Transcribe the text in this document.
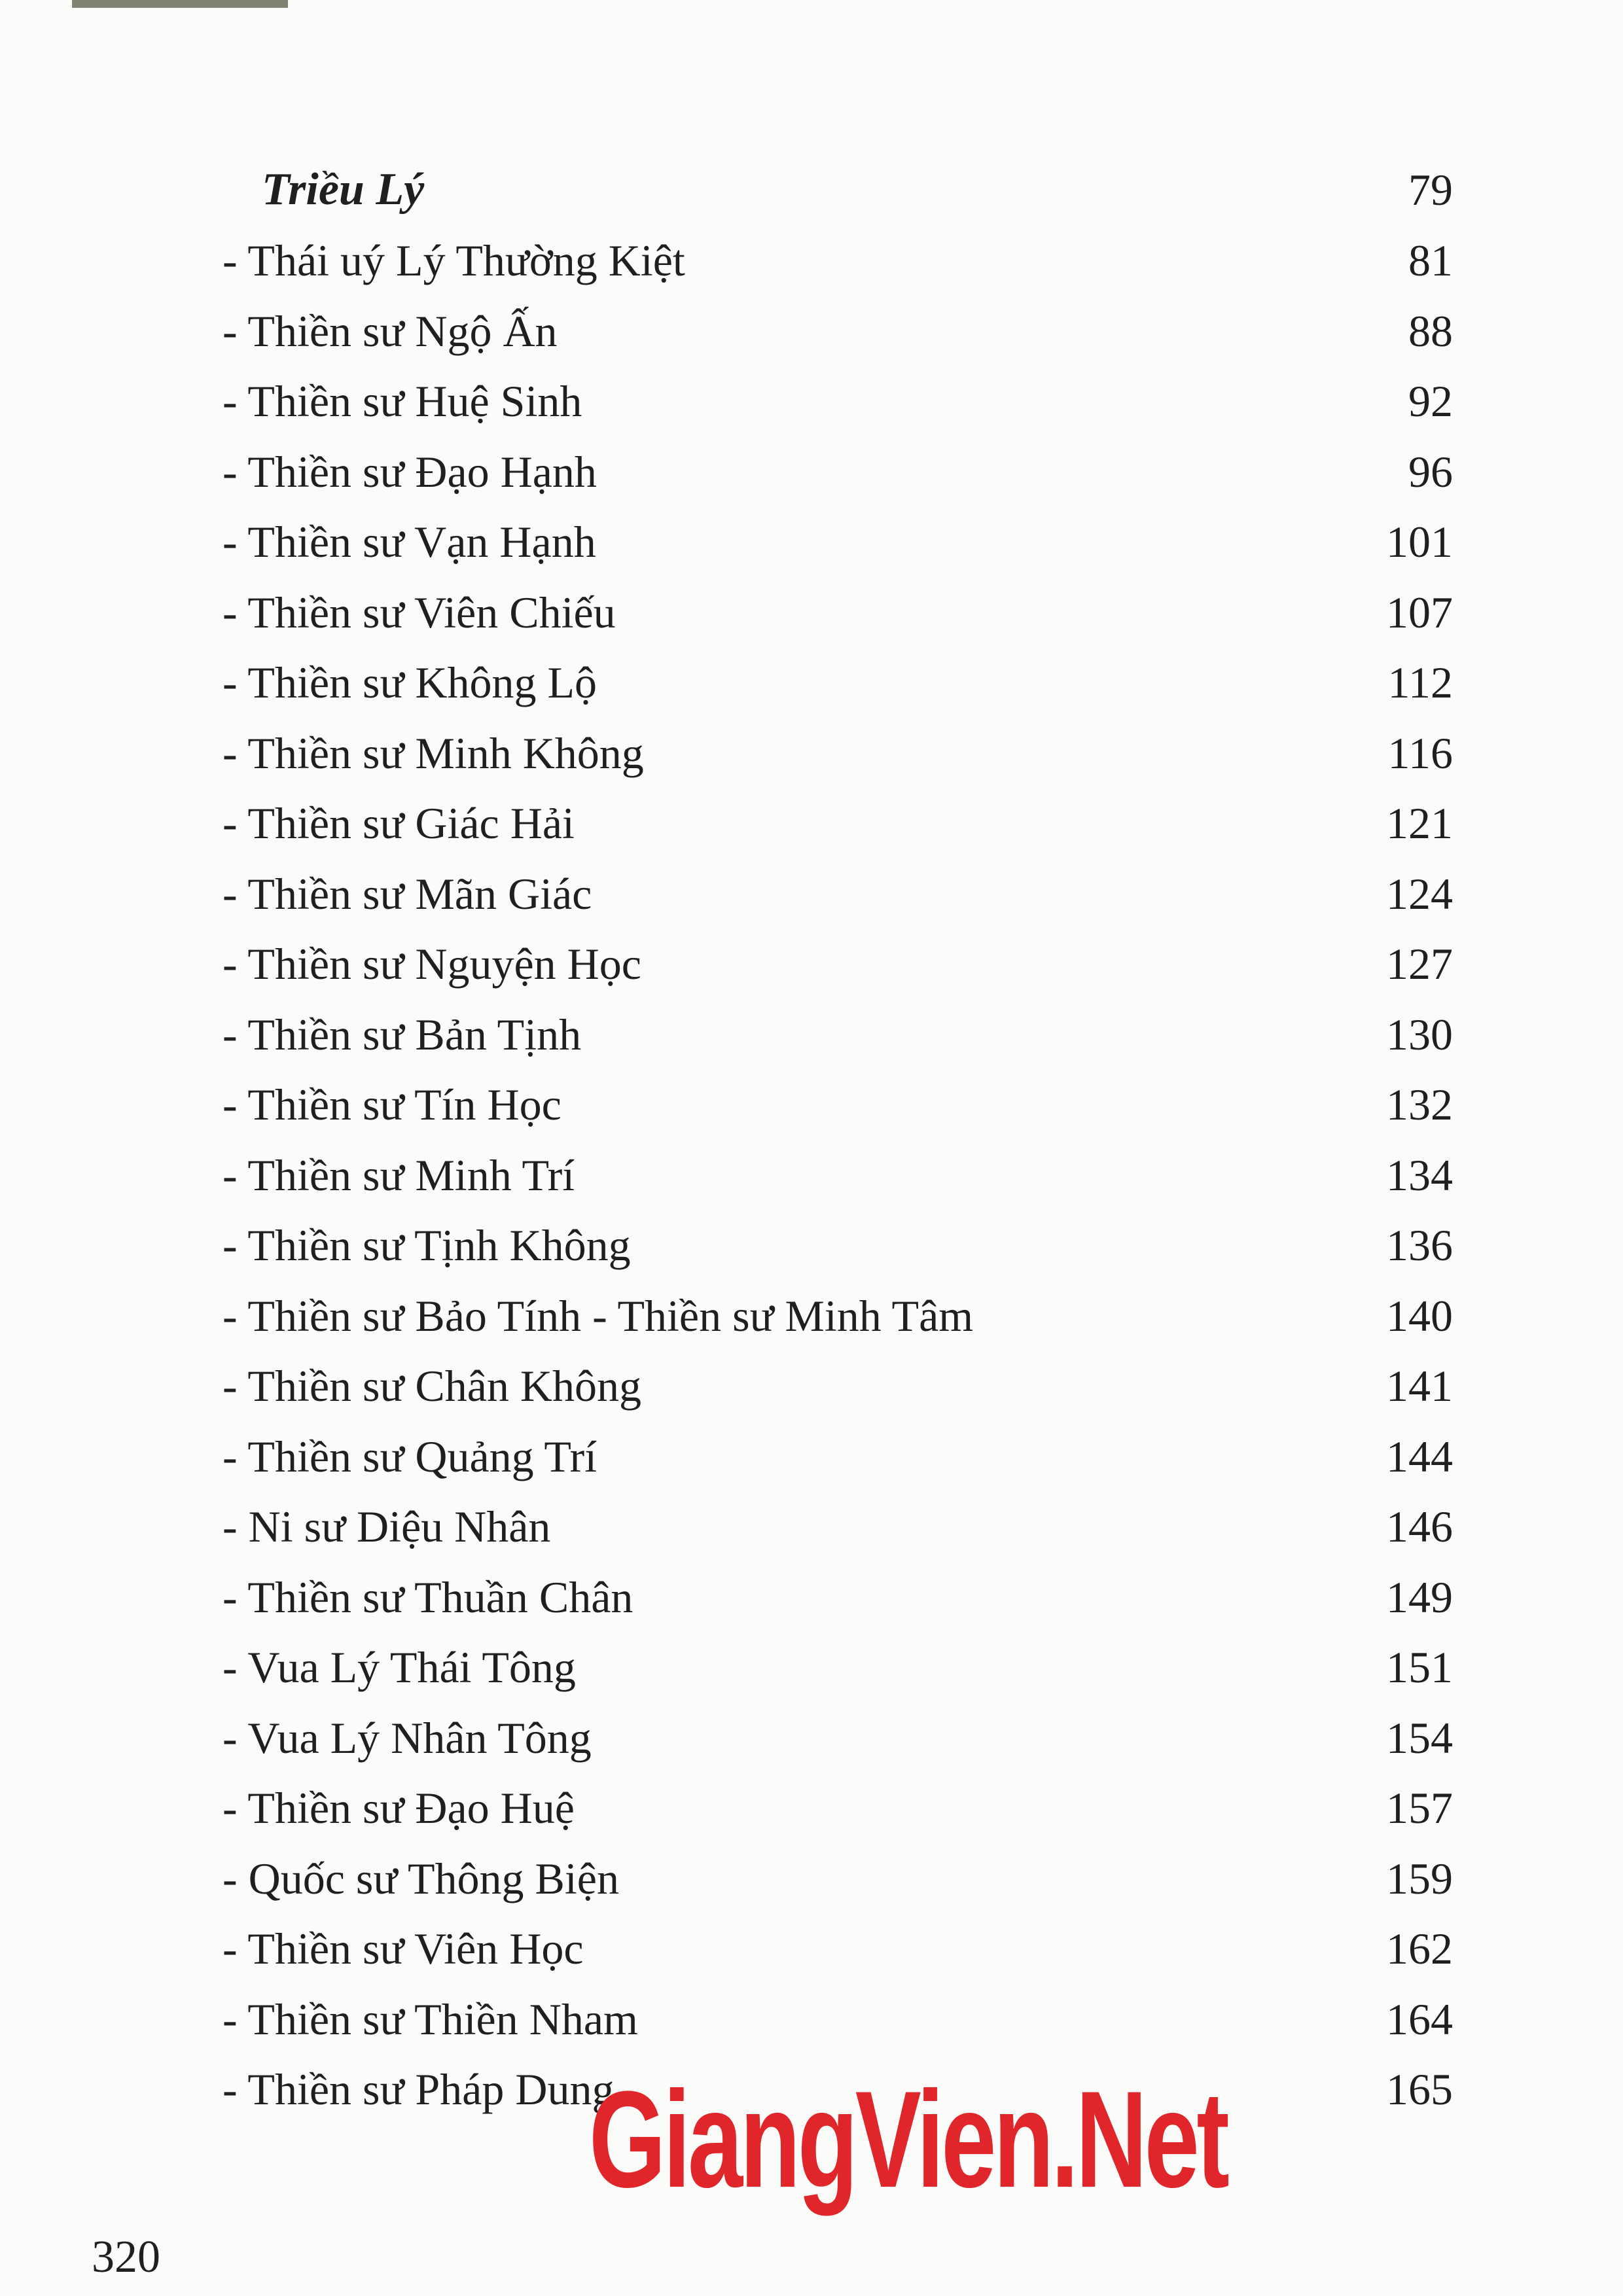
Triều Lý	79
- Thái uý Lý Thường Kiệt	81
- Thiền sư Ngộ Ấn	88
- Thiền sư Huệ Sinh	92
- Thiền sư Đạo Hạnh	96
- Thiền sư Vạn Hạnh	101
- Thiền sư Viên Chiếu	107
- Thiền sư Không Lộ	112
- Thiền sư Minh Không	116
- Thiền sư Giác Hải	121
- Thiền sư Mãn Giác	124
- Thiền sư Nguyện Học	127
- Thiền sư Bản Tịnh	130
- Thiền sư Tín Học	132
- Thiền sư Minh Trí	134
- Thiền sư Tịnh Không	136
- Thiền sư Bảo Tính - Thiền sư Minh Tâm	140
- Thiền sư Chân Không	141
- Thiền sư Quảng Trí	144
- Ni sư Diệu Nhân	146
- Thiền sư Thuần Chân	149
- Vua Lý Thái Tông	151
- Vua Lý Nhân Tông	154
- Thiền sư Đạo Huệ	157
- Quốc sư Thông Biện	159
- Thiền sư Viên Học	162
- Thiền sư Thiền Nham	164
- Thiền sư Pháp Dung	165
320
GiangVien.Net
